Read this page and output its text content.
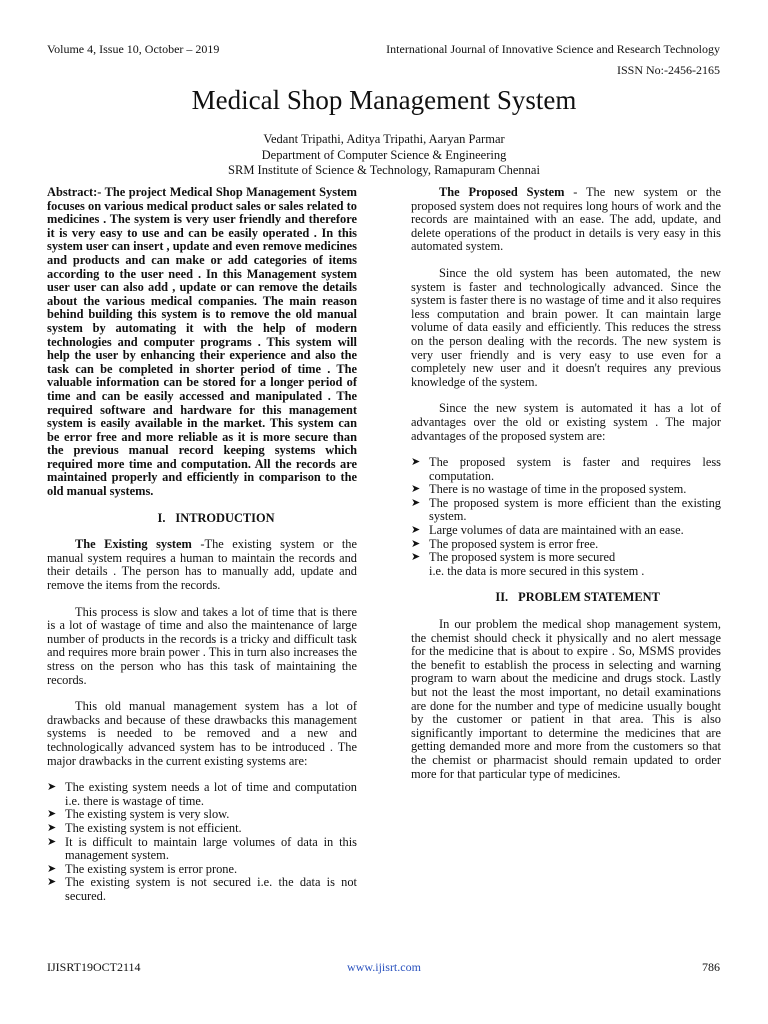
Volume 4, Issue 10, October – 2019	International Journal of Innovative Science and Research Technology
ISSN No:-2456-2165
Medical Shop Management System
Vedant Tripathi, Aditya Tripathi, Aaryan Parmar
Department of Computer Science & Engineering
SRM Institute of Science & Technology, Ramapuram Chennai

Abstract:- The project Medical Shop Management System focuses on various medical product sales or sales related to medicines . The system is very user friendly and therefore it is very easy to use and can be easily operated . In this system user can insert , update and even remove medicines and products and can make or add categories of items according to the user need . In this Management system user user can also add , update or can remove the details about the various medical companies. The main reason behind building this system is to remove the old manual system by automating it with the help of modern technologies and computer programs . This system will help the user by enhancing their experience and also the task can be completed in shorter period of time . The valuable information can be stored for a longer period of time and can be easily accessed and manipulated . The required software and hardware for this management system is easily available in the market. This system can be error free and more reliable as it is more secure than the previous manual record keeping systems which required more time and computation. All the records are maintained properly and efficiently in comparison to the old manual systems.

I. INTRODUCTION

The Existing system -The existing system or the manual system requires a human to maintain the records and their details . The person has to manually add, update and remove the items from the records.

This process is slow and takes a lot of time that is there is a lot of wastage of time and also the maintenance of large number of products in the records is a tricky and difficult task and requires more brain power . This in turn also increases the stress on the person who has this task of maintaining the records.

This old manual management system has a lot of drawbacks and because of these drawbacks this management systems is needed to be removed and a new and technologically advanced system has to be introduced . The major drawbacks in the current existing systems are:

➤ The existing system needs a lot of time and computation i.e. there is wastage of time.
➤ The existing system is very slow.
➤ The existing system is not efficient.
➤ It is difficult to maintain large volumes of data in this management system.
➤ The existing system is error prone.
➤ The existing system is not secured i.e. the data is not secured.

The Proposed System - The new system or the proposed system does not requires long hours of work and the records are maintained with an ease. The add, update, and delete operations of the product in details is very easy in this automated system.

Since the old system has been automated, the new system is faster and technologically advanced. Since the system is faster there is no wastage of time and it also requires less computation and brain power. It can maintain large volume of data easily and efficiently. This reduces the stress on the person dealing with the records. The new system is very user friendly and is very easy to use even for a completely new user and it doesn't requires any previous knowledge of the system.

Since the new system is automated it has a lot of advantages over the old or existing system . The major advantages of the proposed system are:

➤ The proposed system is faster and requires less computation.
➤ There is no wastage of time in the proposed system.
➤ The proposed system is more efficient than the existing system.
➤ Large volumes of data are maintained with an ease.
➤ The proposed system is error free.
➤ The proposed system is more secured
i.e. the data is more secured in this system .
II. PROBLEM STATEMENT

In our problem the medical shop management system, the chemist should check it physically and no alert message for the medicine that is about to expire . So, MSMS provides the benefit to establish the process in selecting and warning program to warn about the medicine and drugs stock. Lastly but not the least the most important, no detail examinations are done for the number and type of medicine usually bought by the customer or patient in that area. This is also significantly important to determine the medicines that are getting demanded more and more from the customers so that the chemist or pharmacist should remain updated to order more for that particular type of medicines.

IJISRT19OCT2114	www.ijisrt.com	786
